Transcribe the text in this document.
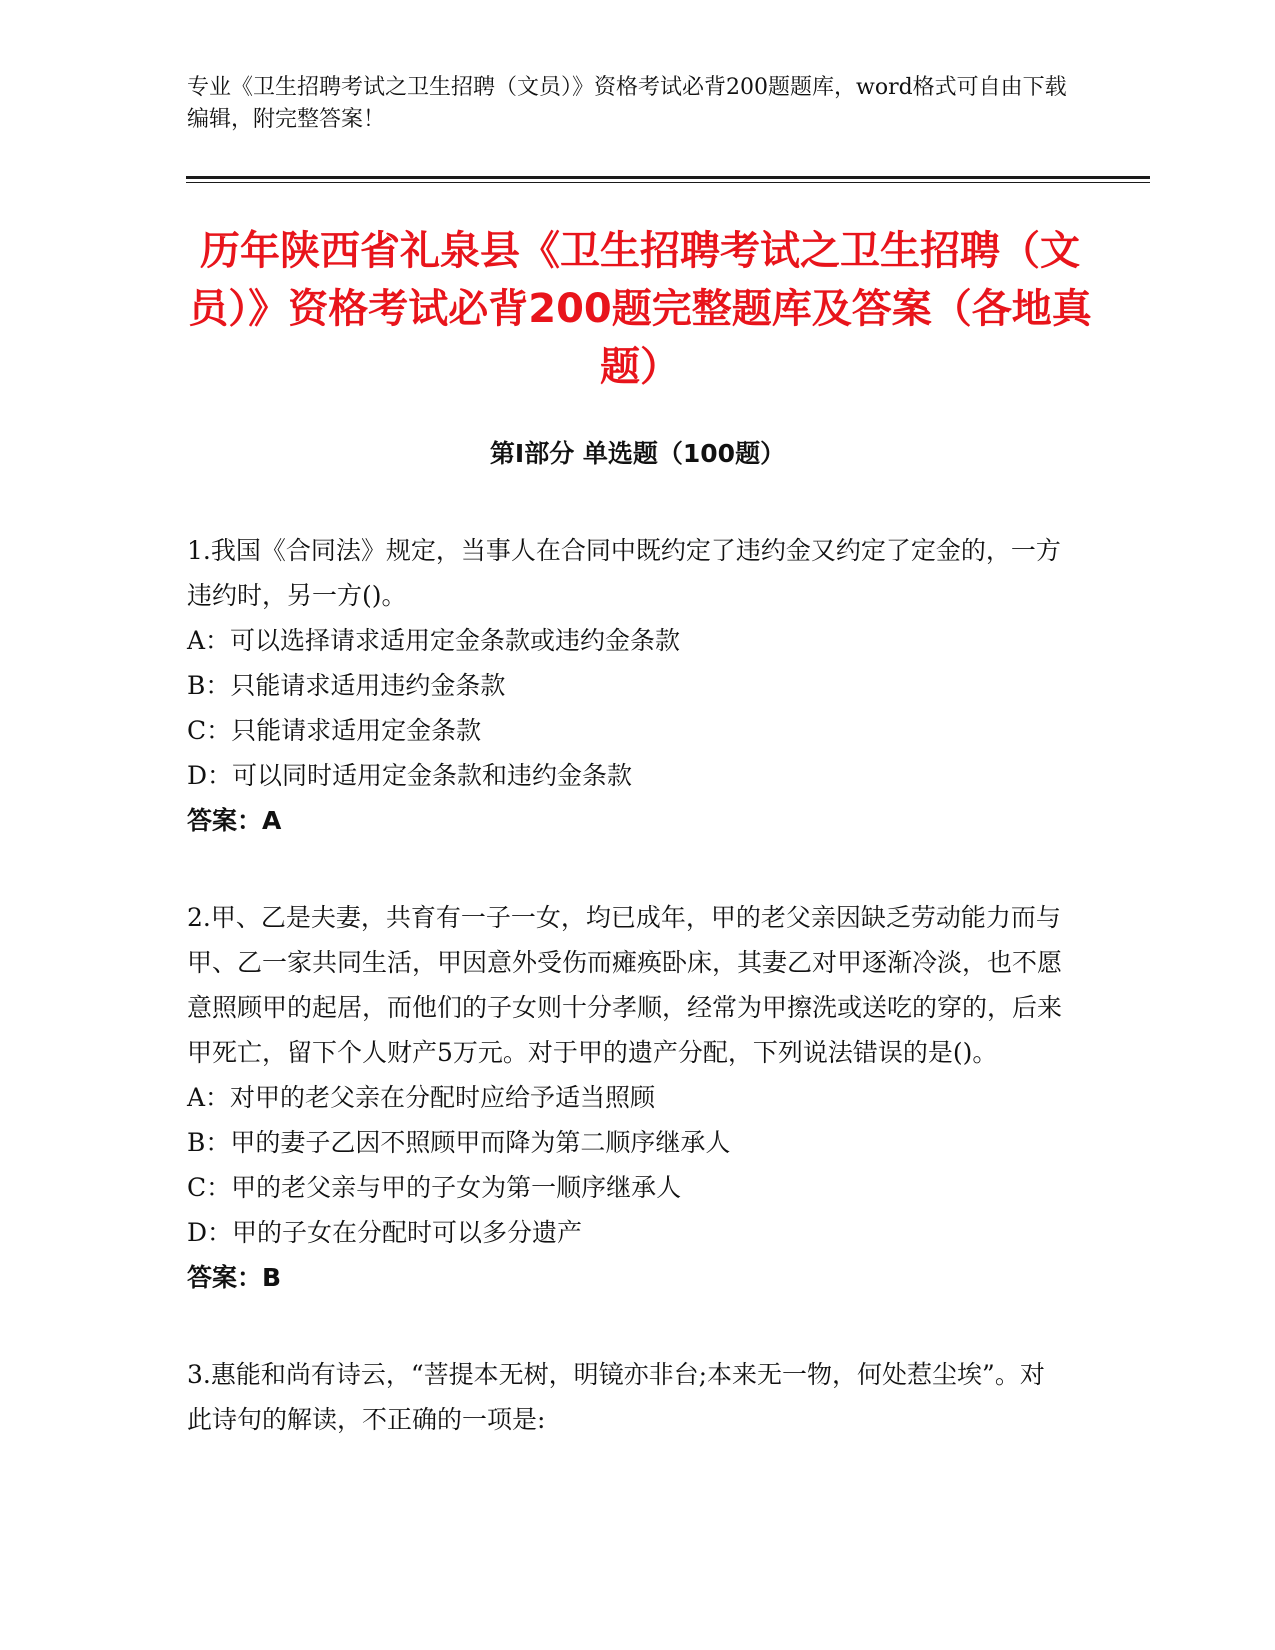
专业《卫生招聘考试之卫生招聘（文员）》资格考试必背200题题库，word格式可自由下载编辑，附完整答案！
历年陕西省礼泉县《卫生招聘考试之卫生招聘（文员）》资格考试必背200题完整题库及答案（各地真题）
第Ⅰ部分 单选题（100题）

1.我国《合同法》规定，当事人在合同中既约定了违约金又约定了定金的，一方违约时，另一方()。

A：可以选择请求适用定金条款或违约金条款

B：只能请求适用违约金条款

C：只能请求适用定金条款

D：可以同时适用定金条款和违约金条款

答案：A

2.甲、乙是夫妻，共育有一子一女，均已成年，甲的老父亲因缺乏劳动能力而与甲、乙一家共同生活，甲因意外受伤而瘫痪卧床，其妻乙对甲逐渐冷淡，也不愿意照顾甲的起居，而他们的子女则十分孝顺，经常为甲擦洗或送吃的穿的，后来甲死亡，留下个人财产5万元。对于甲的遗产分配，下列说法错误的是()。

A：对甲的老父亲在分配时应给予适当照顾

B：甲的妻子乙因不照顾甲而降为第二顺序继承人

C：甲的老父亲与甲的子女为第一顺序继承人

D：甲的子女在分配时可以多分遗产

答案：B

3.惠能和尚有诗云，“菩提本无树，明镜亦非台;本来无一物，何处惹尘埃”。对此诗句的解读，不正确的一项是:
